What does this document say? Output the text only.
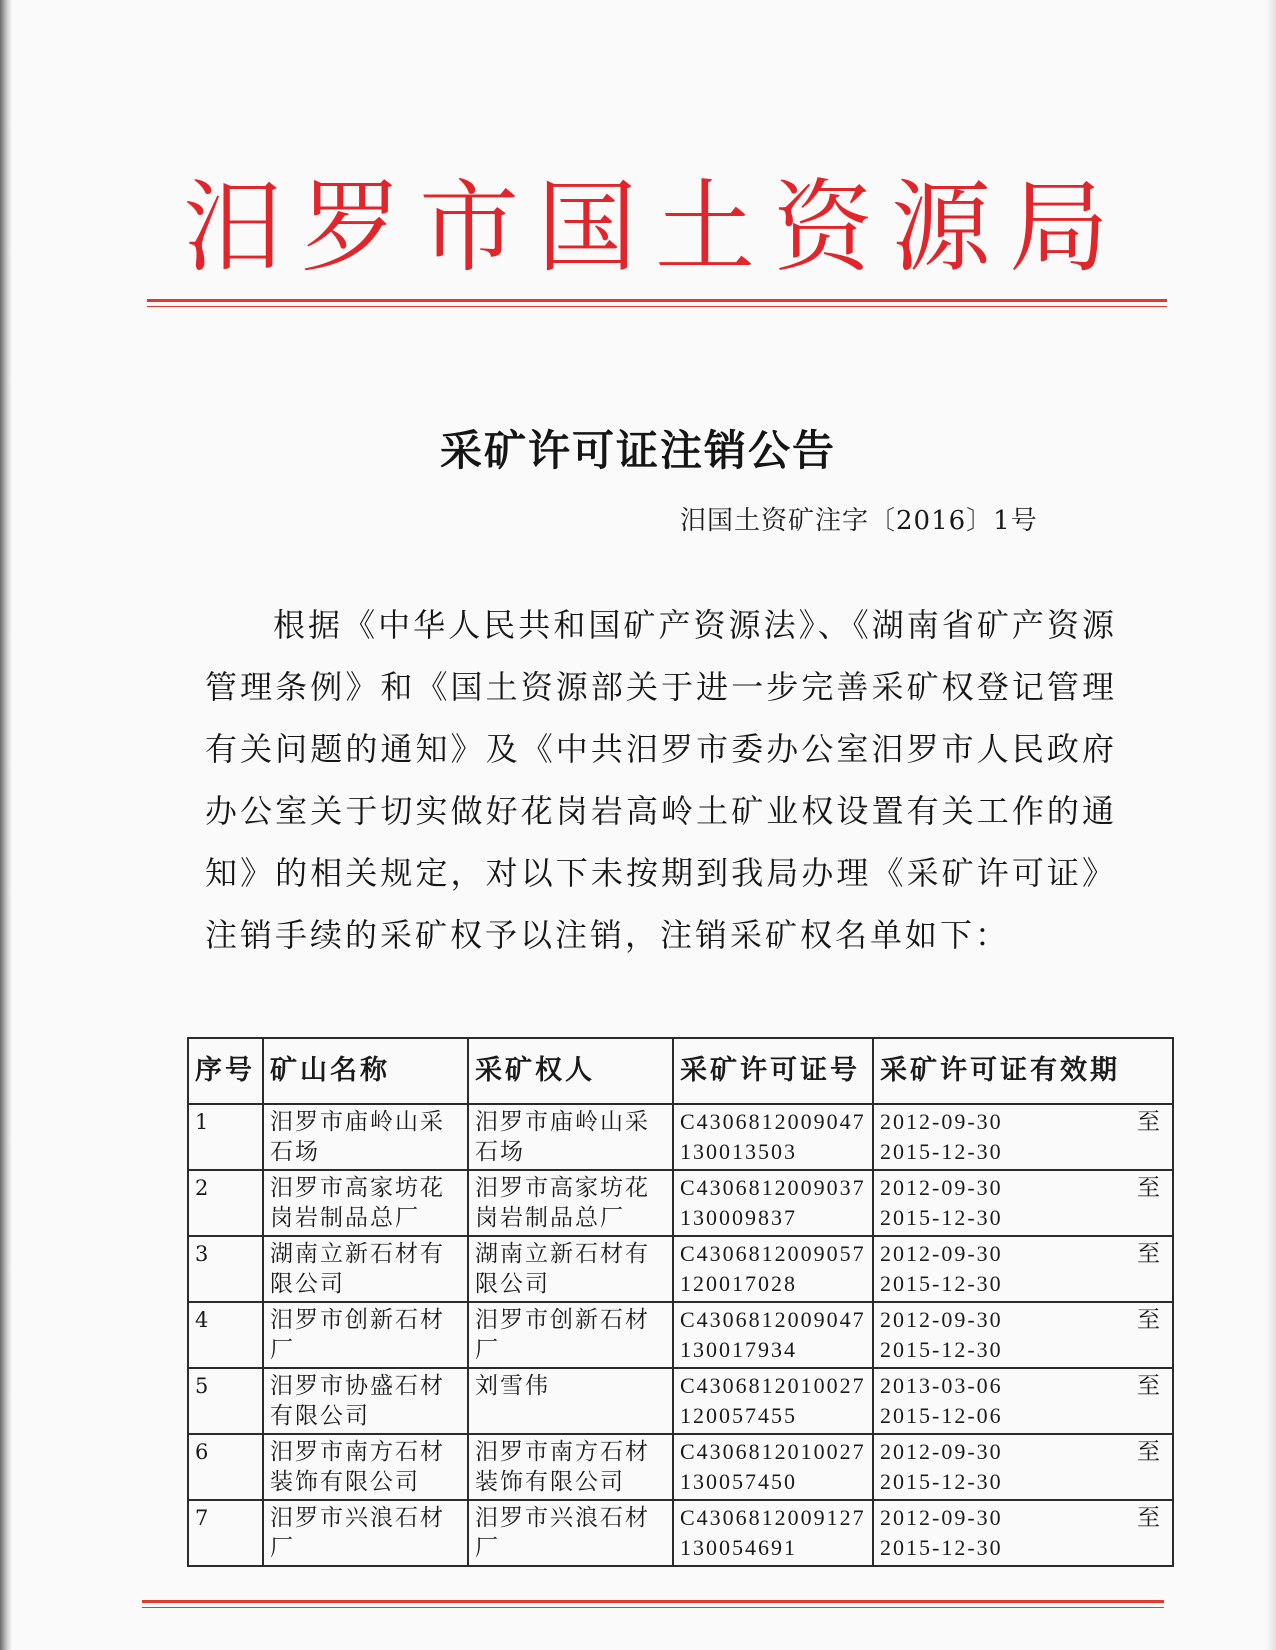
汨罗市国土资源局
采矿许可证注销公告
汨国土资矿注字〔2016〕1号
根据《中华人民共和国矿产资源法》、《湖南省矿产资源管理条例》和《国土资源部关于进一步完善采矿权登记管理有关问题的通知》及《中共汨罗市委办公室汨罗市人民政府办公室关于切实做好花岗岩高岭土矿业权设置有关工作的通知》的相关规定，对以下未按期到我局办理《采矿许可证》注销手续的采矿权予以注销，注销采矿权名单如下：
序号	矿山名称	采矿权人	采矿许可证号	采矿许可证有效期
1	汨罗市庙岭山采石场	汨罗市庙岭山采石场	C4306812009047130013503	2012-09-30 至
2015-12-30

2	汨罗市高家坊花岗岩制品总厂	汨罗市高家坊花岗岩制品总厂	C4306812009037130009837	2012-09-30 至
2015-12-30

3	湖南立新石材有限公司	湖南立新石材有限公司	C4306812009057120017028	2012-09-30 至
2015-12-30

4	汨罗市创新石材厂	汨罗市创新石材厂	C4306812009047130017934	2012-09-30 至
2015-12-30

5	汨罗市协盛石材有限公司	刘雪伟	C4306812010027120057455	2013-03-06 至
2015-12-06

6	汨罗市南方石材装饰有限公司	汨罗市南方石材装饰有限公司	C4306812010027130057450	2012-09-30 至
2015-12-30

7	汨罗市兴浪石材厂	汨罗市兴浪石材厂	C4306812009127130054691	2012-09-30 至
2015-12-30
